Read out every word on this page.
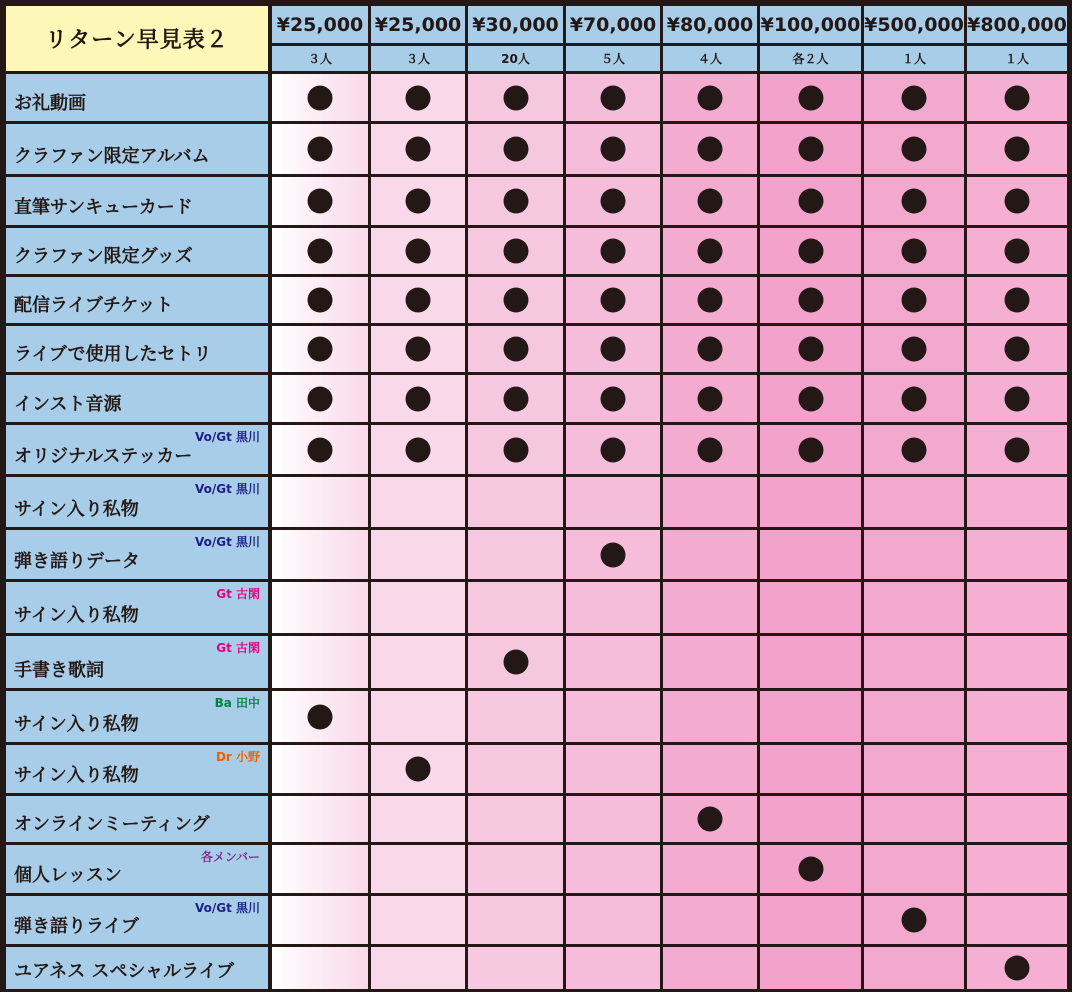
リターン早見表２
¥25,000
３人
¥25,000
３人
¥30,000
20人
¥70,000
５人
¥80,000
４人
¥100,000
各２人
¥500,000
１人
¥800,000
１人
お礼動画
クラファン限定アルバム
直筆サンキューカード
クラファン限定グッズ
配信ライブチケット
ライブで使用したセトリ
インスト音源
オリジナルステッカー
Vo/Gt 黒川
サイン入り私物
Vo/Gt 黒川
弾き語りデータ
Vo/Gt 黒川
サイン入り私物
Gt 古閑
手書き歌詞
Gt 古閑
サイン入り私物
Ba 田中
サイン入り私物
Dr 小野
オンラインミーティング
個人レッスン
各メンバー
弾き語りライブ
Vo/Gt 黒川
ユアネス スペシャルライブ
